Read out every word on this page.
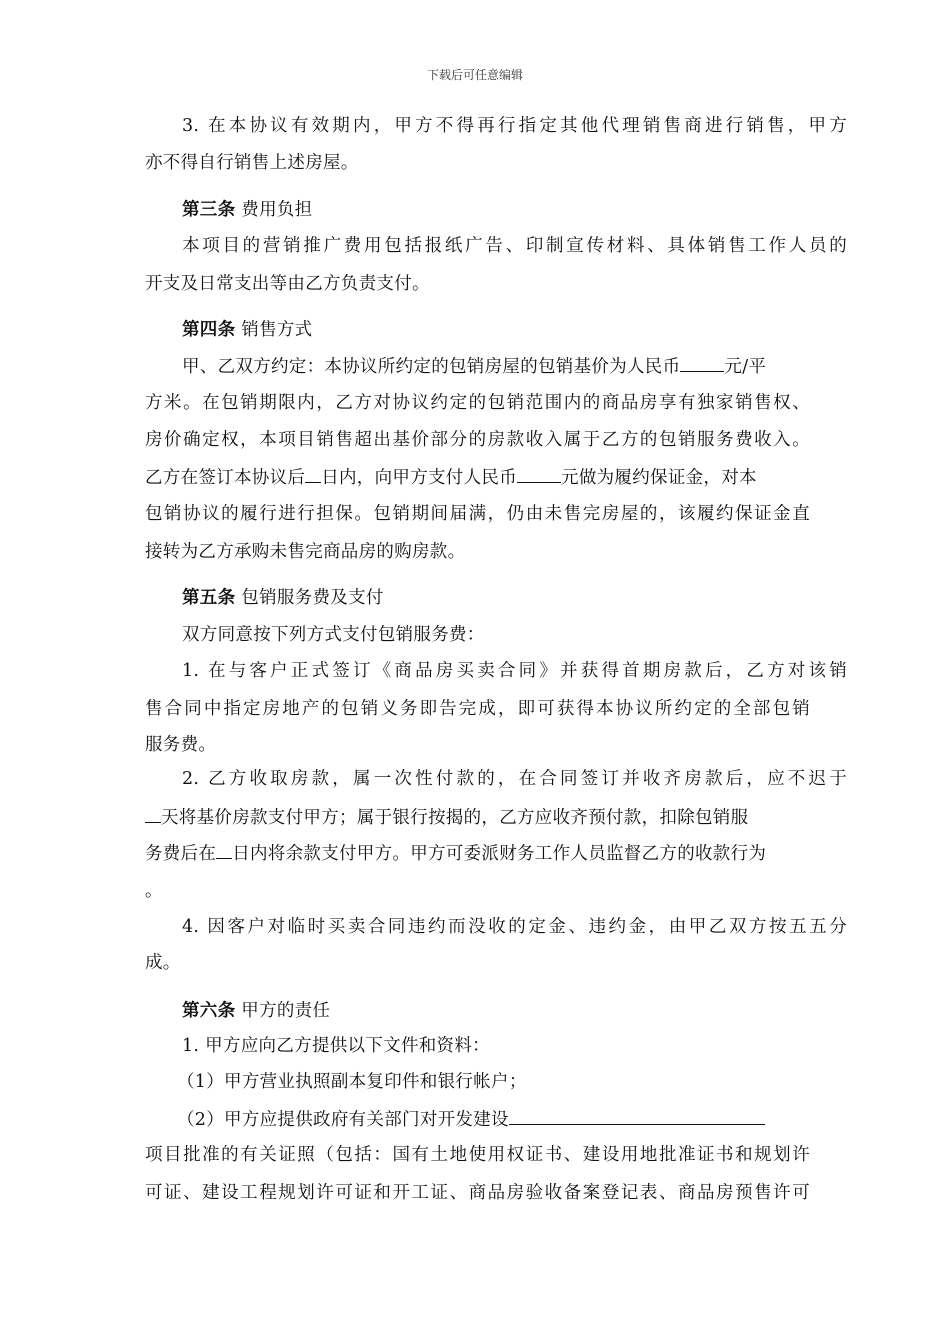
下载后可任意编辑
3. 在本协议有效期内，甲方不得再行指定其他代理销售商进行销售，甲方
亦不得自行销售上述房屋。
第三条 费用负担
本项目的营销推广费用包括报纸广告、印制宣传材料、具体销售工作人员的
开支及日常支出等由乙方负责支付。
第四条 销售方式
甲、乙双方约定：本协议所约定的包销房屋的包销基价为人民币	元/平
方米。在包销期限内，乙方对协议约定的包销范围内的商品房享有独家销售权、
房价确定权，本项目销售超出基价部分的房款收入属于乙方的包销服务费收入。
乙方在签订本协议后 日内，向甲方支付人民币	元做为履约保证金，对本
包销协议的履行进行担保。包销期间届满，仍由未售完房屋的，该履约保证金直
接转为乙方承购未售完商品房的购房款。
第五条 包销服务费及支付
双方同意按下列方式支付包销服务费：
1. 在与客户正式签订《商品房买卖合同》并获得首期房款后，乙方对该销
售合同中指定房地产的包销义务即告完成，即可获得本协议所约定的全部包销
服务费。
2. 乙方收取房款，属一次性付款的，在合同签订并收齐房款后，应不迟于
天将基价房款支付甲方；属于银行按揭的，乙方应收齐预付款，扣除包销服
务费后在 日内将余款支付甲方。甲方可委派财务工作人员监督乙方的收款行为
。
4. 因客户对临时买卖合同违约而没收的定金、违约金，由甲乙双方按五五分
成。
第六条 甲方的责任
1. 甲方应向乙方提供以下文件和资料：
（1）甲方营业执照副本复印件和银行帐户；
（2）甲方应提供政府有关部门对开发建设
项目批准的有关证照（包括：国有土地使用权证书、建设用地批准证书和规划许
可证、建设工程规划许可证和开工证、商品房验收备案登记表、商品房预售许可
